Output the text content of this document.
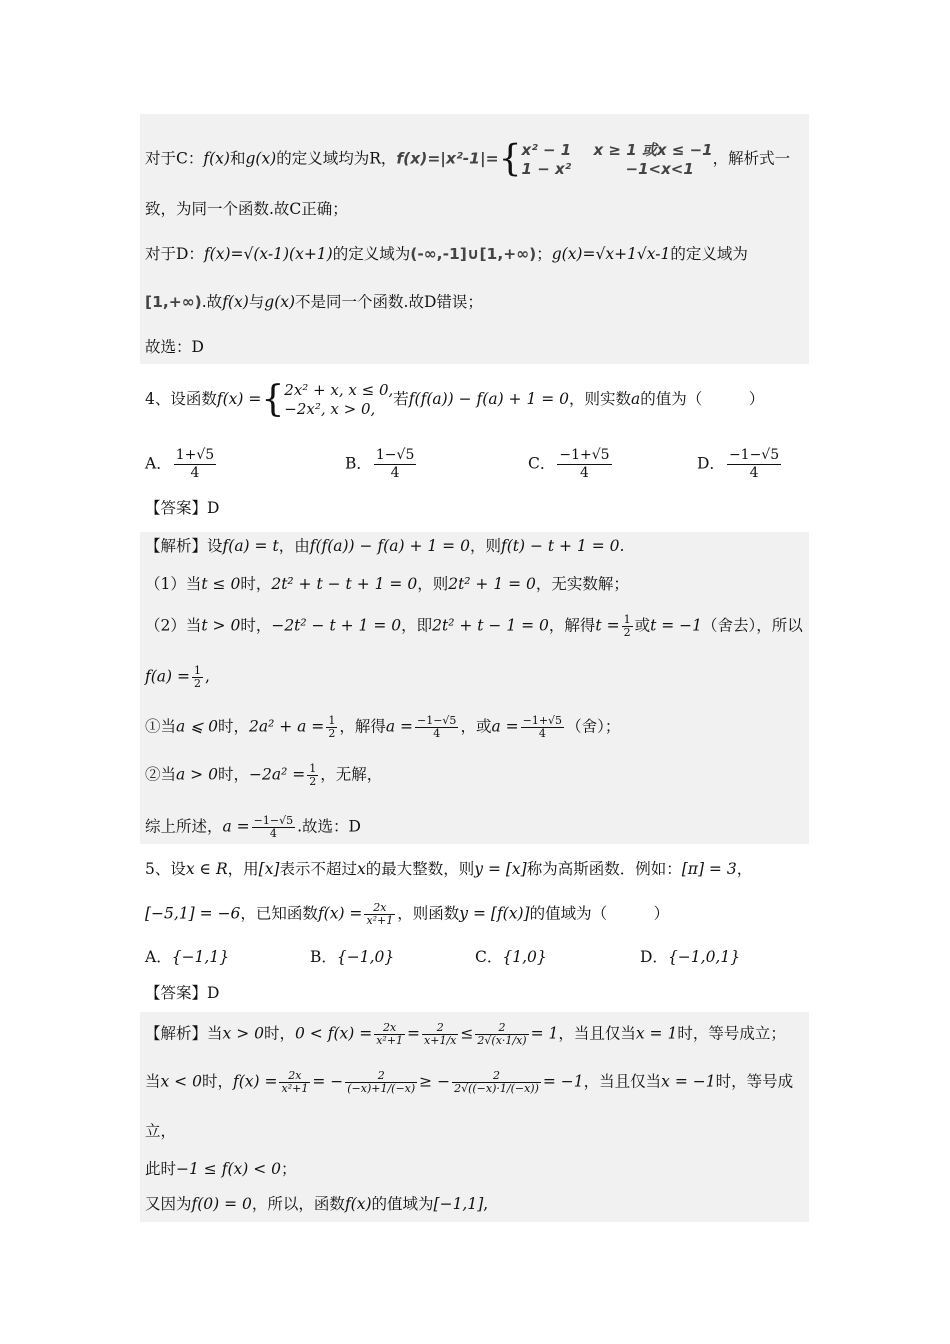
对于C：f(x)和g(x)的定义域均为R，f(x)=|x²-1|={x² − 1 x ≥ 1 或x ≤ −1
1 − x²	−1<x<1，解析式一
致，为同一个函数.故C正确；
对于D：f(x)=√(x-1)(x+1)的定义域为(-∞,-1]∪[1,+∞)；g(x)=√x+1√x-1的定义域为
[1,+∞).故f(x)与g(x)不是同一个函数.故D错误；
故选：D
4、设函数f(x) ={2x² + x, x ≤ 0,
−2x², x > 0,若f(f(a)) − f(a) + 1 = 0，则实数a的值为（　　　）
A． $\frac{1+√5}{4}$	B． $\frac{1-√5}{4}$	C． $\frac{-1+√5}{4}$	D． $\frac{-1-√5}{4}$
【答案】D
【解析】设f(a) = t，由f(f(a)) − f(a) + 1 = 0，则f(t) − t + 1 = 0.
（1）当t ≤ 0时，2t² + t − t + 1 = 0，则2t² + 1 = 0，无实数解；
（2）当t > 0时，−2t² − t + 1 = 0，即2t² + t − 1 = 0，解得$t = \frac{1}{2}$ 或t = −1（舍去），所以
$f(a) = \frac{1}{2}$ ,
①当a ⩽ 0时，$2a^2 + a = \frac{1}{2}$ ，解得$a = \frac{-1-√5}{4}$ ，或$a = \frac{-1+√5}{4}$ （舍）；
②当a > 0时，$-2a^2 = \frac{1}{2}$ ，无解，
综上所述，$a = \frac{-1-√5}{4}$ .故选：D
5、设x ∈ R，用[x]表示不超过x的最大整数，则y = [x]称为高斯函数．例如：[π] = 3，
[−5,1] = −6，已知函数$f(x) = \frac{2x}{\text{x²+1}}$ ，则函数y = [f(x)]的值域为（　　　）
A．{−1,1}	B．{−1,0}	C．{1,0}	D．{−1,0,1}
【答案】D
【解析】当x > 0时，$0 < f(x) = \frac{2x}{\text{x²+1}} = \frac{2}{x+1/x} \le \frac{2}{2√(x\cdot 1/x)} = 1$，当且仅当x = 1时，等号成立；
当x < 0时，$f(x) = \frac{2x}{\text{x²+1}}$ = − $\frac{2}{(-x)+1/(-x)}$ ≥ − $\frac{2}{2√((-x)\cdot 1/(-x))} = -1$，当且仅当x = −1时，等号成
立，
此时−1 ≤ f(x) < 0；
又因为f(0) = 0，所以，函数f(x)的值域为[−1,1],
